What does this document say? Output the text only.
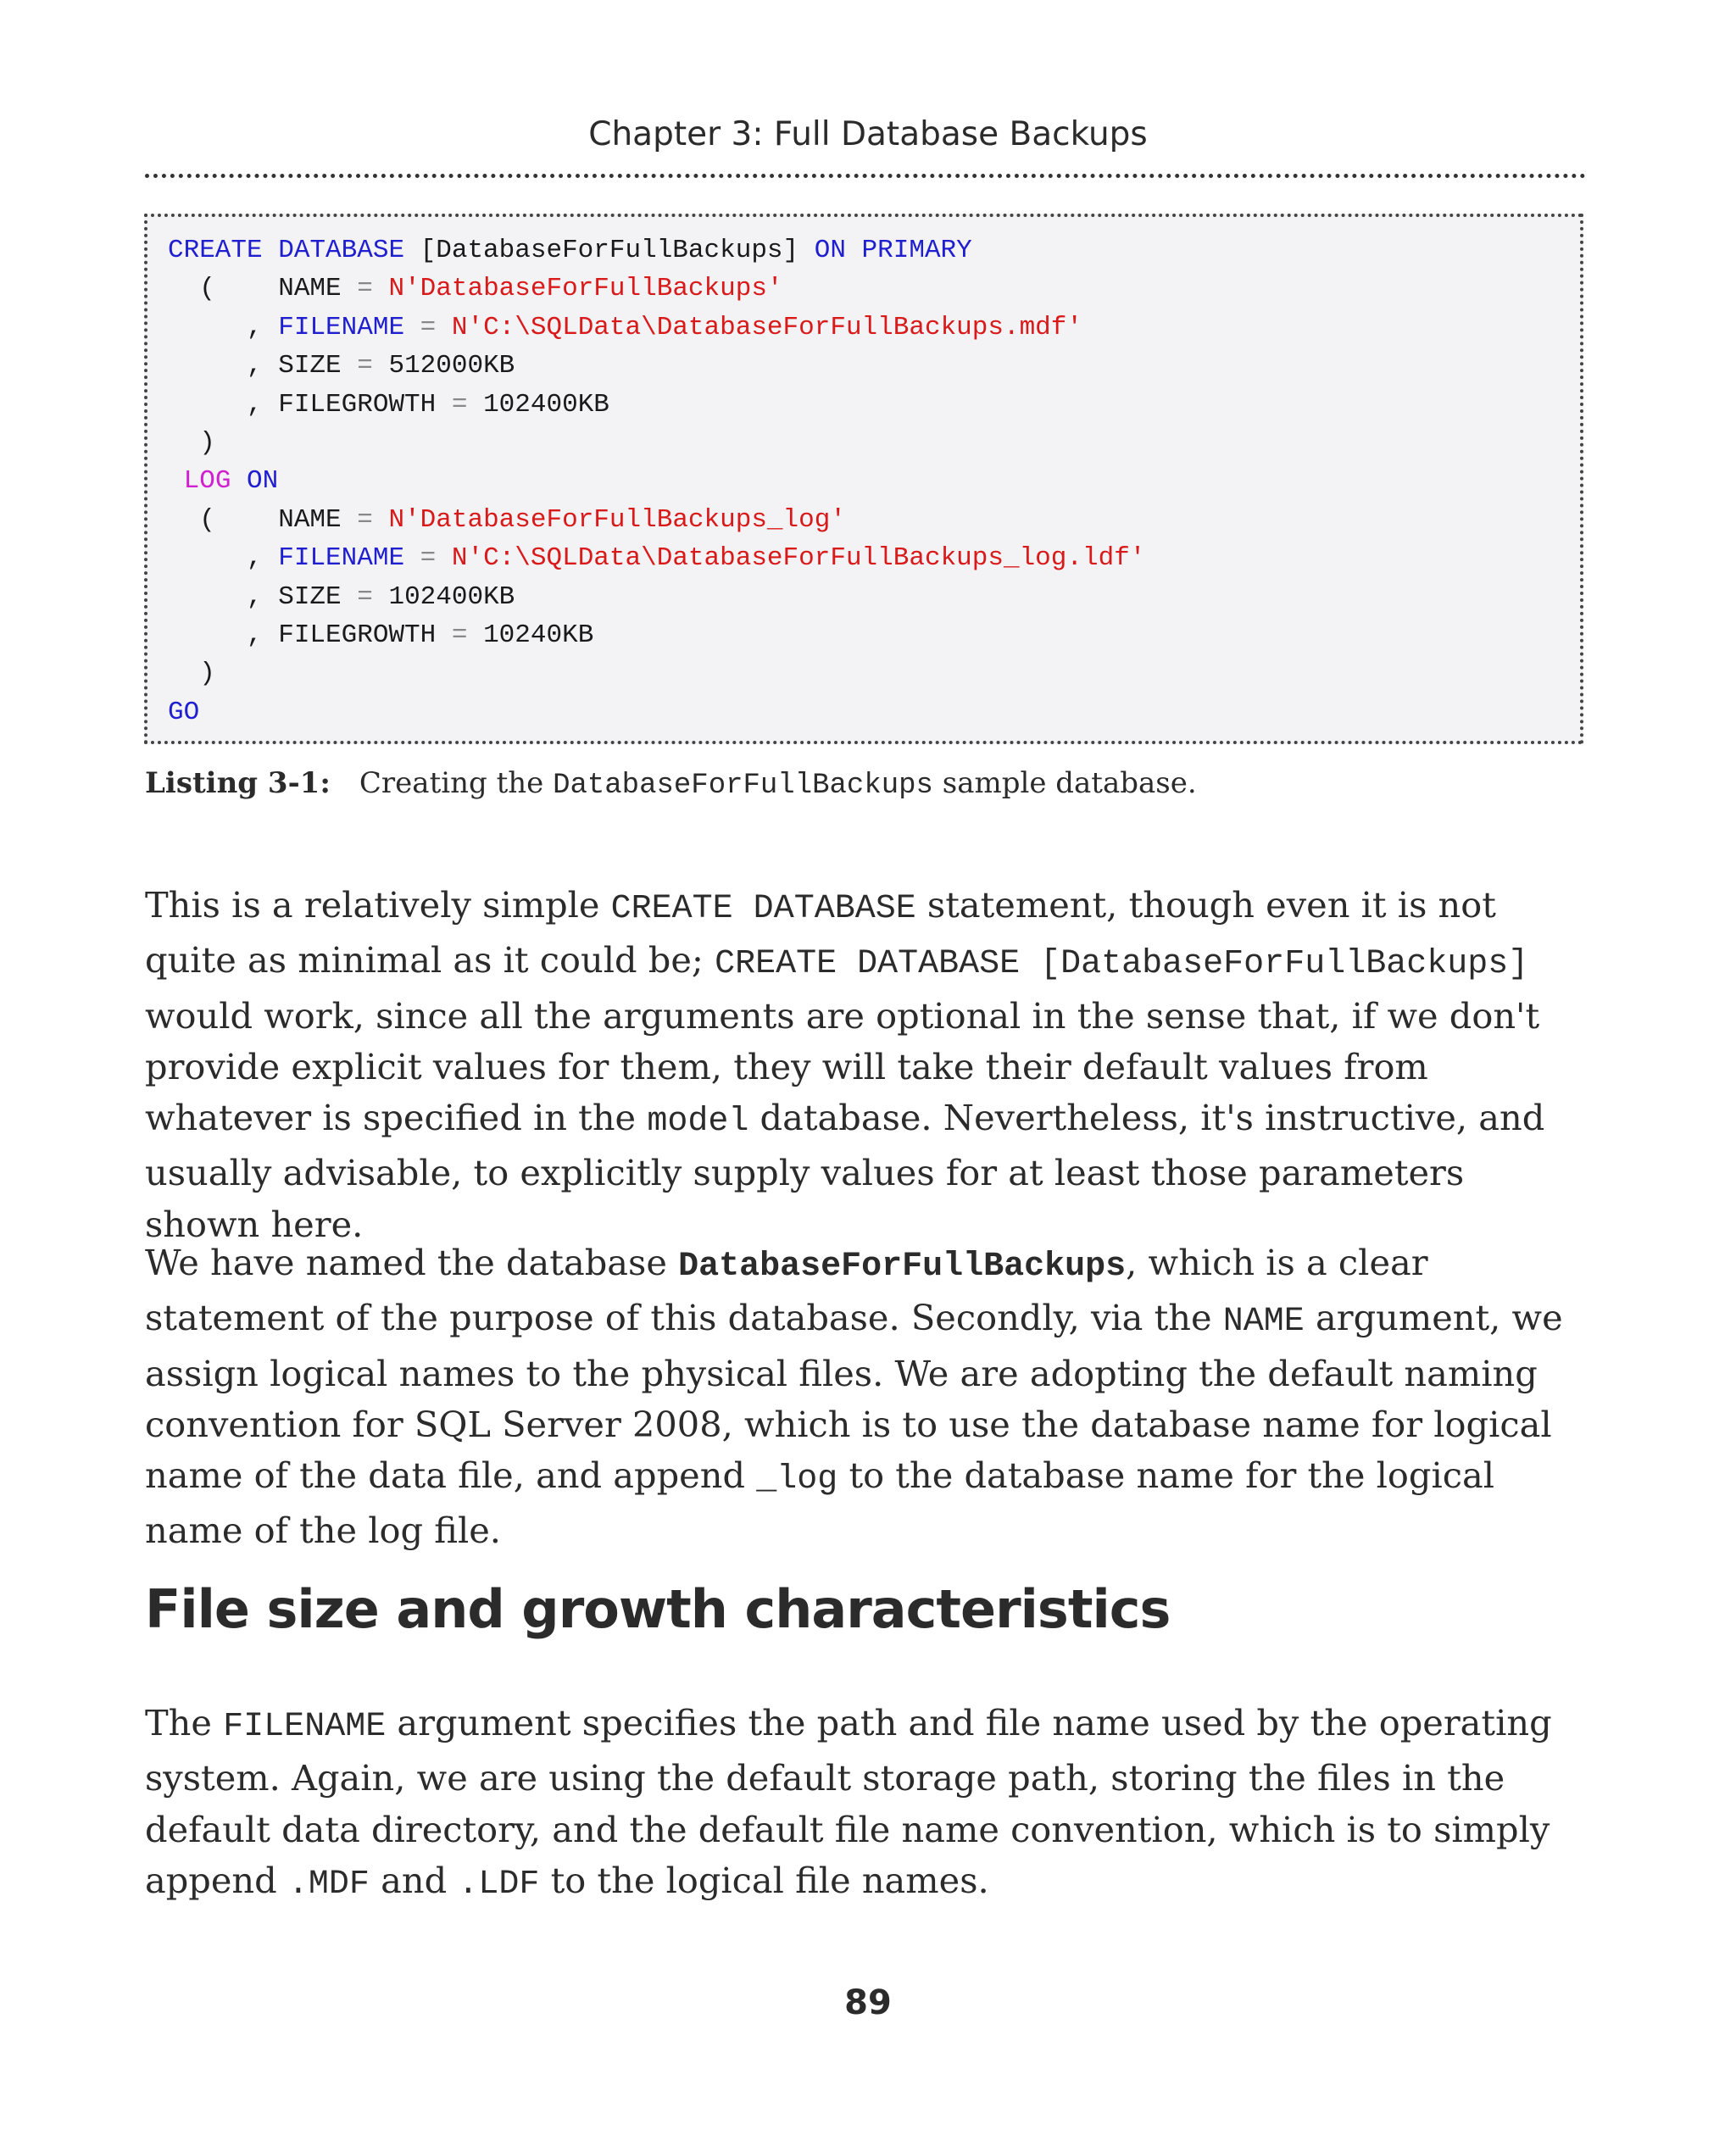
Chapter 3: Full Database Backups
CREATE DATABASE [DatabaseForFullBackups] ON PRIMARY
(    NAME = N'DatabaseForFullBackups'
, FILENAME = N'C:\SQLData\DatabaseForFullBackups.mdf'
, SIZE = 512000KB
, FILEGROWTH = 102400KB
)
LOG ON
(    NAME = N'DatabaseForFullBackups_log'
, FILENAME = N'C:\SQLData\DatabaseForFullBackups_log.ldf'
, SIZE = 102400KB
, FILEGROWTH = 10240KB
)
GO
Listing 3-1: Creating the DatabaseForFullBackups sample database.

This is a relatively simple CREATE DATABASE statement, though even it is not quite as minimal as it could be; CREATE DATABASE [DatabaseForFullBackups] would work, since all the arguments are optional in the sense that, if we don't provide explicit values for them, they will take their default values from whatever is specified in the model database. Nevertheless, it's instructive, and usually advisable, to explicitly supply values for at least those parameters shown here.

We have named the database DatabaseForFullBackups, which is a clear statement of the purpose of this database. Secondly, via the NAME argument, we assign logical names to the physical files. We are adopting the default naming convention for SQL Server 2008, which is to use the database name for logical name of the data file, and append _log to the database name for the logical name of the log file.

File size and growth characteristics

The FILENAME argument specifies the path and file name used by the operating system. Again, we are using the default storage path, storing the files in the default data directory, and the default file name convention, which is to simply append .MDF and .LDF to the logical file names.

89
